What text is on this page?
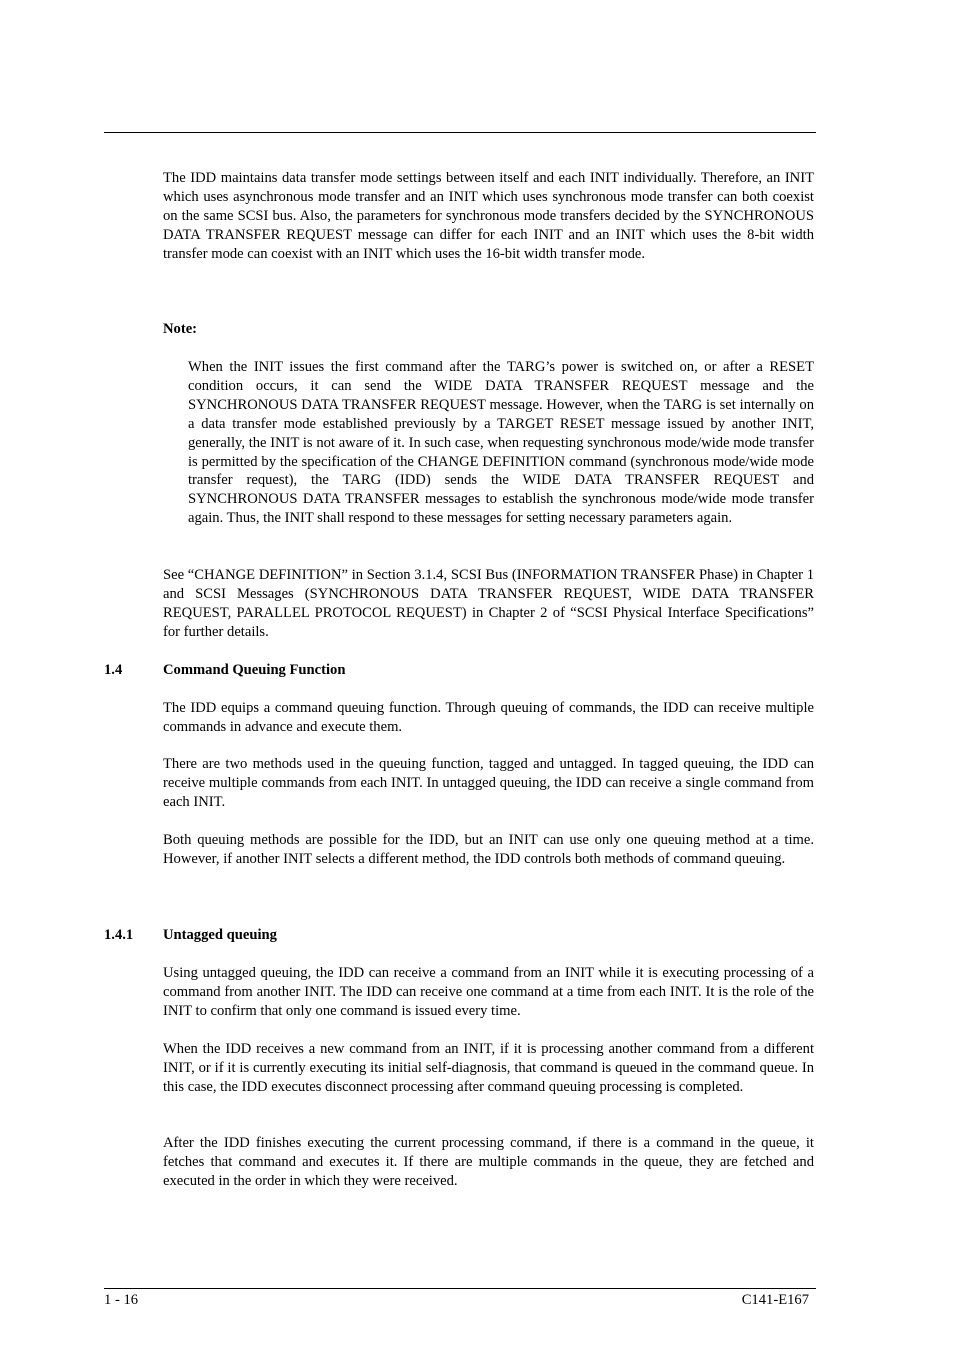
The IDD maintains data transfer mode settings between itself and each INIT individually. Therefore, an INIT which uses asynchronous mode transfer and an INIT which uses synchronous mode transfer can both coexist on the same SCSI bus. Also, the parameters for synchronous mode transfers decided by the SYNCHRONOUS DATA TRANSFER REQUEST message can differ for each INIT and an INIT which uses the 8-bit width transfer mode can coexist with an INIT which uses the 16-bit width transfer mode.

Note:

When the INIT issues the first command after the TARG’s power is switched on, or after a RESET condition occurs, it can send the WIDE DATA TRANSFER REQUEST message and the SYNCHRONOUS DATA TRANSFER REQUEST message. However, when the TARG is set internally on a data transfer mode established previously by a TARGET RESET message issued by another INIT, generally, the INIT is not aware of it. In such case, when requesting synchronous mode/wide mode transfer is permitted by the specification of the CHANGE DEFINITION command (synchronous mode/wide mode transfer request), the TARG (IDD) sends the WIDE DATA TRANSFER REQUEST and SYNCHRONOUS DATA TRANSFER messages to establish the synchronous mode/wide mode transfer again. Thus, the INIT shall respond to these messages for setting necessary parameters again.

See “CHANGE DEFINITION” in Section 3.1.4, SCSI Bus (INFORMATION TRANSFER Phase) in Chapter 1 and SCSI Messages (SYNCHRONOUS DATA TRANSFER REQUEST, WIDE DATA TRANSFER REQUEST, PARALLEL PROTOCOL REQUEST) in Chapter 2 of “SCSI Physical Interface Specifications” for further details.

1.4	Command Queuing Function

The IDD equips a command queuing function. Through queuing of commands, the IDD can receive multiple commands in advance and execute them.

There are two methods used in the queuing function, tagged and untagged. In tagged queuing, the IDD can receive multiple commands from each INIT. In untagged queuing, the IDD can receive a single command from each INIT.

Both queuing methods are possible for the IDD, but an INIT can use only one queuing method at a time. However, if another INIT selects a different method, the IDD controls both methods of command queuing.

1.4.1 Untagged queuing

Using untagged queuing, the IDD can receive a command from an INIT while it is executing processing of a command from another INIT. The IDD can receive one command at a time from each INIT. It is the role of the INIT to confirm that only one command is issued every time.

When the IDD receives a new command from an INIT, if it is processing another command from a different INIT, or if it is currently executing its initial self-diagnosis, that command is queued in the command queue. In this case, the IDD executes disconnect processing after command queuing processing is completed.

After the IDD finishes executing the current processing command, if there is a command in the queue, it fetches that command and executes it. If there are multiple commands in the queue, they are fetched and executed in the order in which they were received.

1 - 16	C141-E167
